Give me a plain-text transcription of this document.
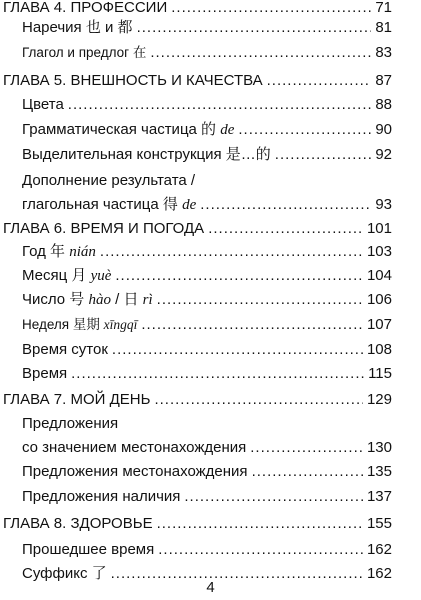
ГЛАВА 4. ПРОФЕССИИ .....	71
Наречия 也 и 都 .....	81
Глагол и предлог 在 .....	83
ГЛАВА 5. ВНЕШНОСТЬ И КАЧЕСТВА .....	87
Цвета .....	88
Грамматическая частица 的 de .....	90
Выделительная конструкция 是…的 .....	92
Дополнение результата /
глагольная частица 得 de .....	93
ГЛАВА 6. ВРЕМЯ И ПОГОДА .....	101
Год 年 nián .....	103
Месяц 月 yuè .....	104
Число 号 hào / 日 rì .....	106
Неделя 星期 xīngqī .....	107
Время суток .....	108
Время .....	115
ГЛАВА 7. МОЙ ДЕНЬ .....	129
Предложения
со значением местонахождения .....	130
Предложения местонахождения .....	135
Предложения наличия .....	137
ГЛАВА 8. ЗДОРОВЬЕ .....	155
Прошедшее время .....	162
Суффикс 了 .....	162
4
